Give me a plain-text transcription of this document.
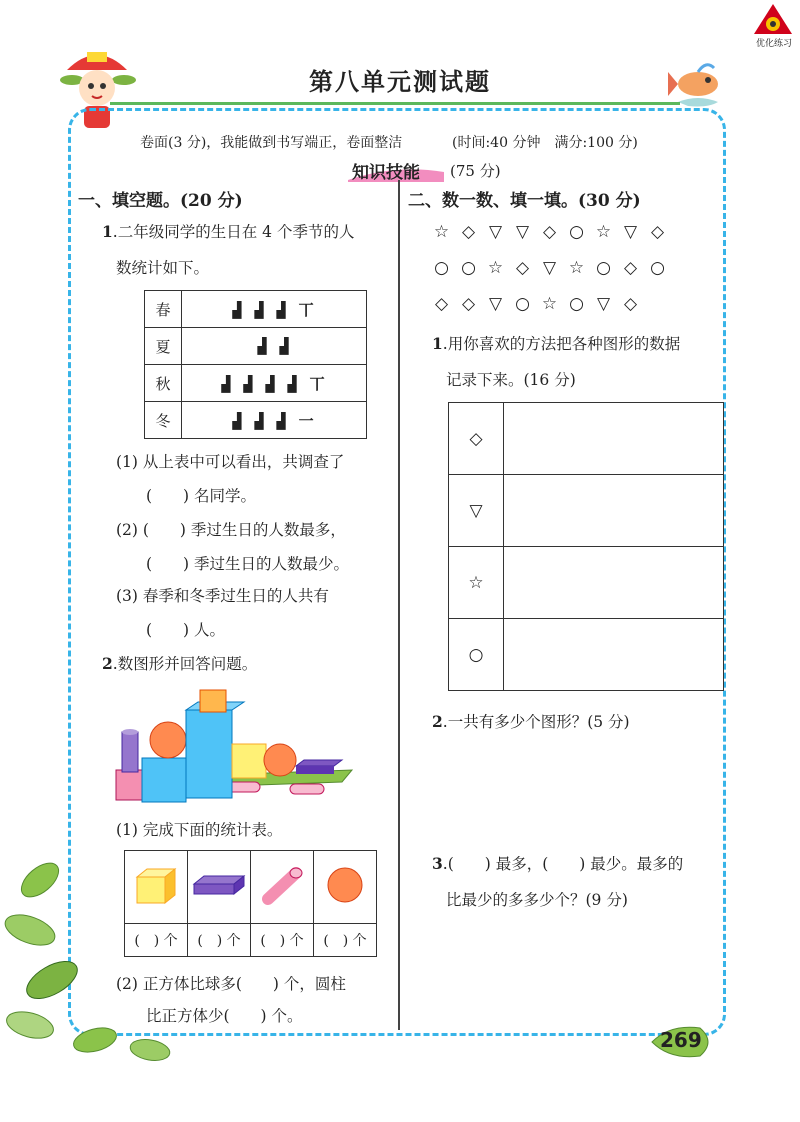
优化练习
第八单元测试题
卷面(3 分)，我能做到书写端正，卷面整洁	(时间:40 分钟　满分:100 分)
知识技能 (75 分)
一、填空题。(20 分)
1.二年级同学的生日在 4 个季节的人
数统计如下。
春	▟ ▟ ▟ 丅
夏	▟ ▟
秋	▟ ▟ ▟ ▟ 丅
冬	▟ ▟ ▟ 一
(1) 从上表中可以看出，共调查了
(　　) 名同学。
(2) (　　) 季过生日的人数最多，
(　　) 季过生日的人数最少。
(3) 春季和冬季过生日的人共有
(　　) 人。
2.数图形并回答问题。
(1) 完成下面的统计表。

(　) 个	(　) 个	(　) 个	(　) 个
(2) 正方体比球多(　　) 个，圆柱
比正方体少(　　) 个。
二、数一数、填一填。(30 分)
☆ ◇ ▽ ▽ ◇ ○ ☆ ▽ ◇
○ ○ ☆ ◇ ▽ ☆ ○ ◇ ○
◇ ◇ ▽ ○ ☆ ○ ▽ ◇
1.用你喜欢的方法把各种图形的数据
记录下来。(16 分)
◇	
▽	
☆	
○	
2.一共有多少个图形？(5 分)
3.(　　) 最多，(　　) 最少。最多的
比最少的多多少个？(9 分)
269
